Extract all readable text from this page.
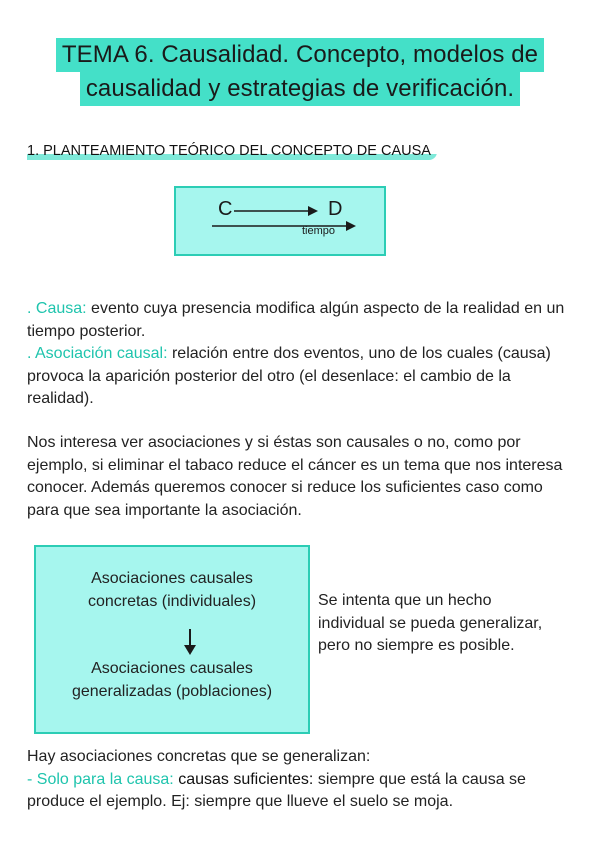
TEMA 6. Causalidad. Concepto, modelos de
causalidad y estrategias de verificación.
1. PLANTEAMIENTO TEÓRICO DEL CONCEPTO DE CAUSA
C	D
tiempo
. Causa: evento cuya presencia modifica algún aspecto de la realidad en un tiempo posterior.
. Asociación causal: relación entre dos eventos, uno de los cuales (causa) provoca la aparición posterior del otro (el desenlace: el cambio de la realidad).
Nos interesa ver asociaciones y si éstas son causales o no, como por ejemplo, si eliminar el tabaco reduce el cáncer es un tema que nos interesa conocer. Además queremos conocer si reduce los suficientes caso como para que sea importante la asociación.
Asociaciones causales
concretas (individuales)
Asociaciones causales
generalizadas (poblaciones)
Se intenta que un hecho
individual se pueda generalizar,
pero no siempre es posible.
Hay asociaciones concretas que se generalizan:
- Solo para la causa: causas suficientes: siempre que está la causa se produce el ejemplo. Ej: siempre que llueve el suelo se moja.
